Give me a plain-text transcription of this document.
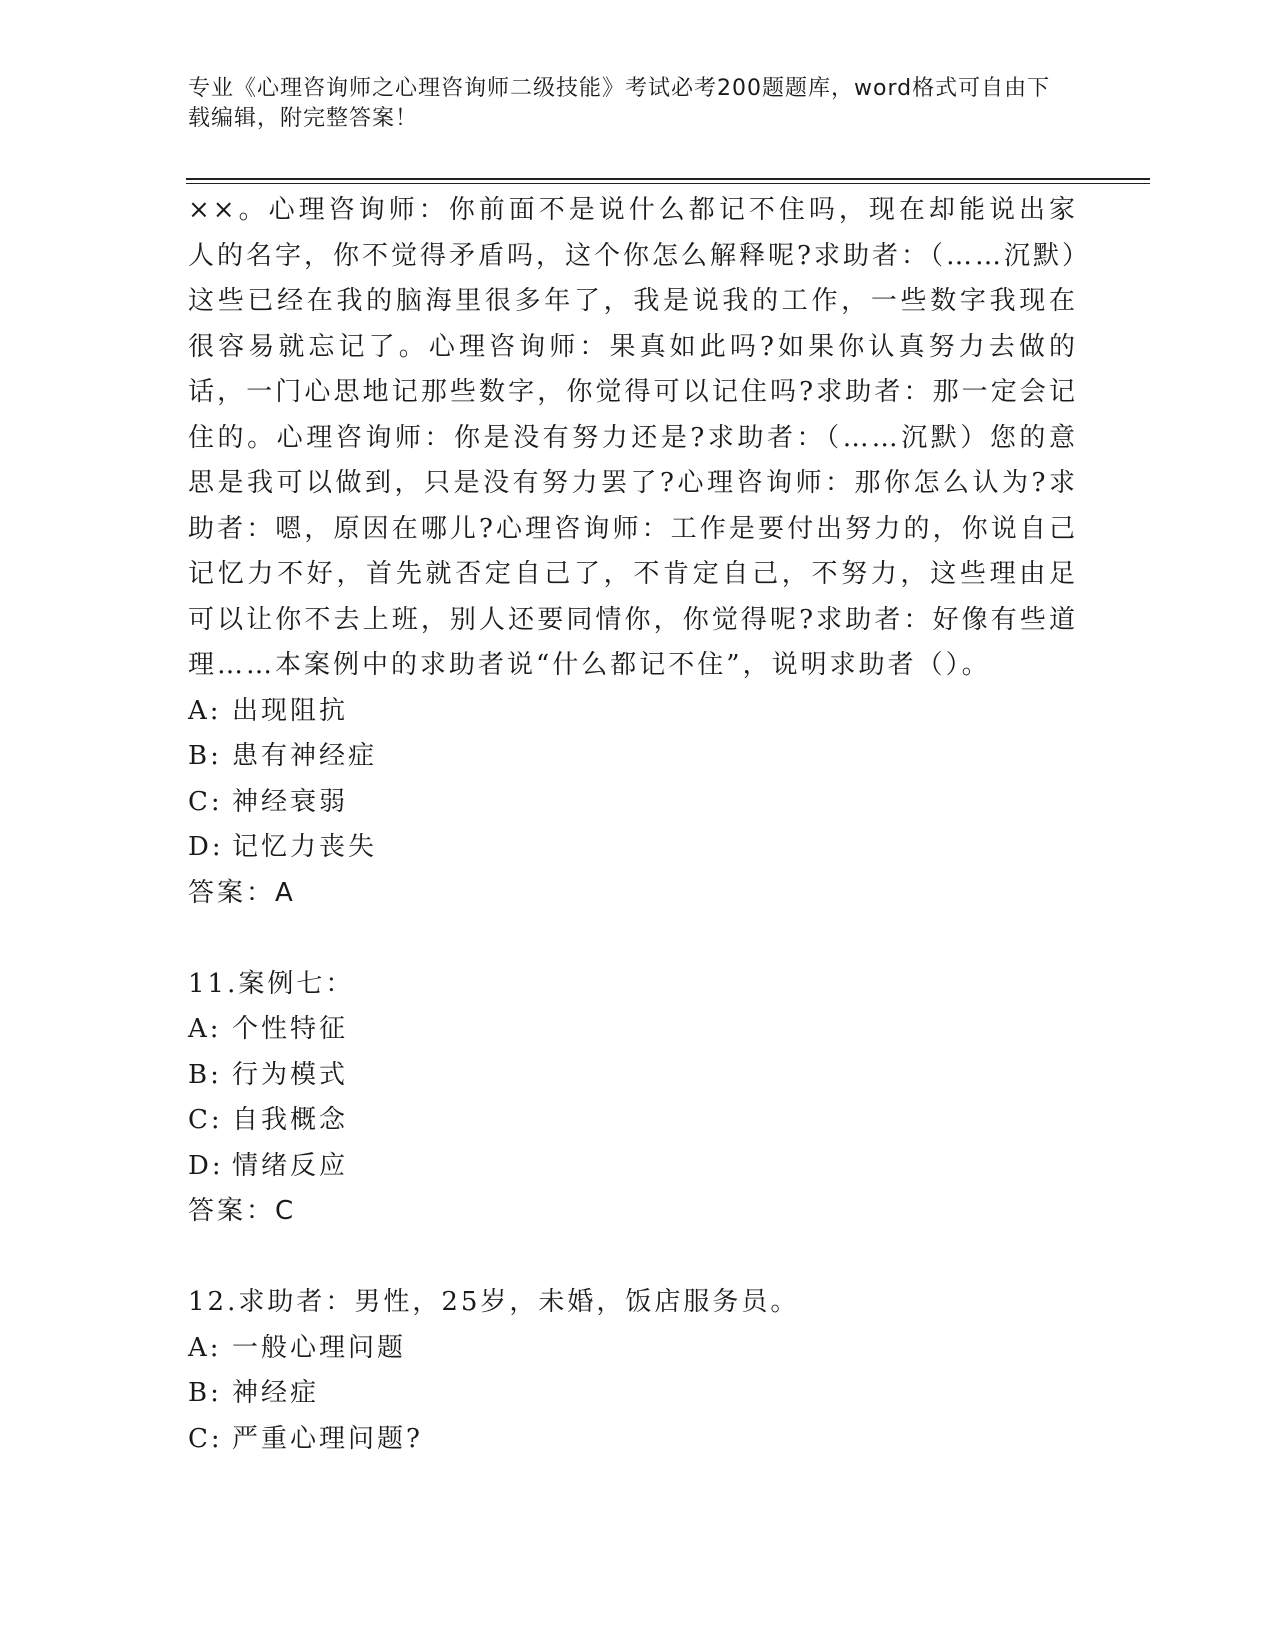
专业《心理咨询师之心理咨询师二级技能》考试必考200题题库，word格式可自由下载编辑，附完整答案！

××。心理咨询师：你前面不是说什么都记不住吗，现在却能说出家人的名字，你不觉得矛盾吗，这个你怎么解释呢?求助者：（……沉默）这些已经在我的脑海里很多年了，我是说我的工作，一些数字我现在很容易就忘记了。心理咨询师：果真如此吗?如果你认真努力去做的话，一门心思地记那些数字，你觉得可以记住吗?求助者：那一定会记住的。心理咨询师：你是没有努力还是?求助者：（……沉默）您的意思是我可以做到，只是没有努力罢了?心理咨询师：那你怎么认为?求助者：嗯，原因在哪儿?心理咨询师：工作是要付出努力的，你说自己记忆力不好，首先就否定自己了，不肯定自己，不努力，这些理由足可以让你不去上班，别人还要同情你，你觉得呢?求助者：好像有些道理……本案例中的求助者说“什么都记不住”，说明求助者（）。

A: 出现阻抗
B: 患有神经症
C: 神经衰弱
D: 记忆力丧失
答案：A
11.案例七：
A: 个性特征
B: 行为模式
C: 自我概念
D: 情绪反应
答案：C
12.求助者：男性，25岁，未婚，饭店服务员。
A: 一般心理问题
B: 神经症
C: 严重心理问题?
